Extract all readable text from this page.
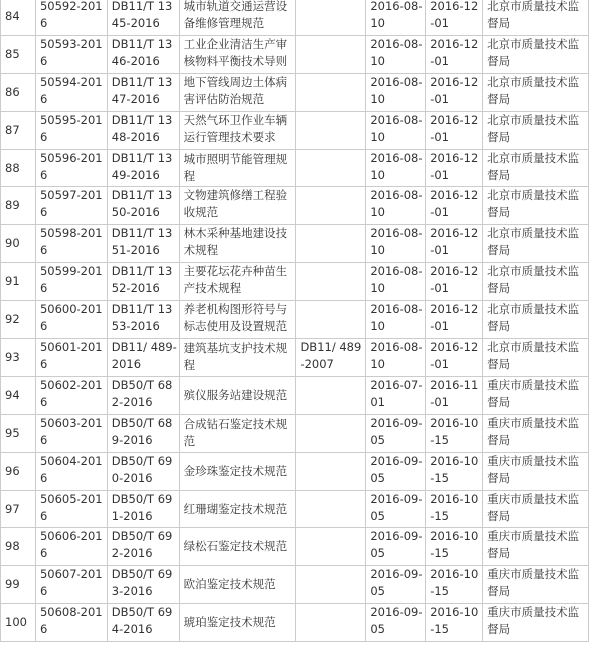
84	50592-2016	DB11/T 1345-2016	城市轨道交通运营设备维修管理规范		2016-08-10	2016-12-01	北京市质量技术监督局
85	50593-2016	DB11/T 1346-2016	工业企业清洁生产审核物料平衡技术导则		2016-08-10	2016-12-01	北京市质量技术监督局
86	50594-2016	DB11/T 1347-2016	地下管线周边土体病害评估防治规范		2016-08-10	2016-12-01	北京市质量技术监督局
87	50595-2016	DB11/T 1348-2016	天然气环卫作业车辆运行管理技术要求		2016-08-10	2016-12-01	北京市质量技术监督局
88	50596-2016	DB11/T 1349-2016	城市照明节能管理规程		2016-08-10	2016-12-01	北京市质量技术监督局
89	50597-2016	DB11/T 1350-2016	文物建筑修缮工程验收规范		2016-08-10	2016-12-01	北京市质量技术监督局
90	50598-2016	DB11/T 1351-2016	林木采种基地建设技术规程		2016-08-10	2016-12-01	北京市质量技术监督局
91	50599-2016	DB11/T 1352-2016	主要花坛花卉种苗生产技术规程		2016-08-10	2016-12-01	北京市质量技术监督局
92	50600-2016	DB11/T 1353-2016	养老机构图形符号与标志使用及设置规范		2016-08-10	2016-12-01	北京市质量技术监督局
93	50601-2016	DB11/ 489-2016	建筑基坑支护技术规程	DB11/ 489-2007	2016-08-10	2016-12-01	北京市质量技术监督局
94	50602-2016	DB50/T 682-2016	殡仪服务站建设规范		2016-07-01	2016-11-01	重庆市质量技术监督局
95	50603-2016	DB50/T 689-2016	合成钻石鉴定技术规范		2016-09-05	2016-10-15	重庆市质量技术监督局
96	50604-2016	DB50/T 690-2016	金珍珠鉴定技术规范		2016-09-05	2016-10-15	重庆市质量技术监督局
97	50605-2016	DB50/T 691-2016	红珊瑚鉴定技术规范		2016-09-05	2016-10-15	重庆市质量技术监督局
98	50606-2016	DB50/T 692-2016	绿松石鉴定技术规范		2016-09-05	2016-10-15	重庆市质量技术监督局
99	50607-2016	DB50/T 693-2016	欧泊鉴定技术规范		2016-09-05	2016-10-15	重庆市质量技术监督局
100	50608-2016	DB50/T 694-2016	琥珀鉴定技术规范		2016-09-05	2016-10-15	重庆市质量技术监督局
